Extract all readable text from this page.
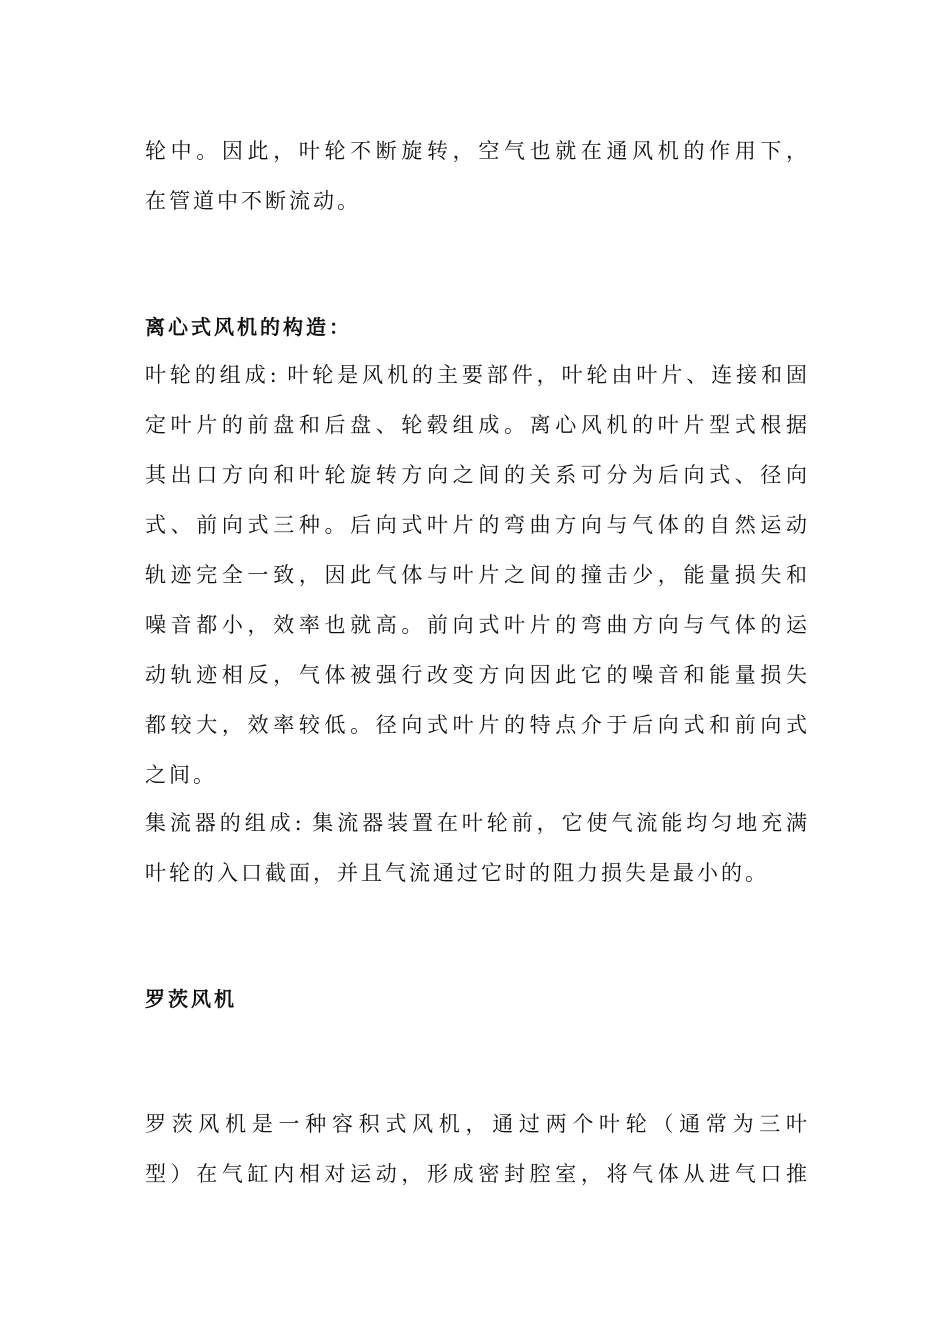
轮中。因此，叶轮不断旋转，空气也就在通风机的作用下，
在管道中不断流动。
离心式风机的构造：
叶轮的组成: 叶轮是风机的主要部件，叶轮由叶片、连接和固
定叶片的前盘和后盘、轮毂组成。离心风机的叶片型式根据
其出口方向和叶轮旋转方向之间的关系可分为后向式、径向
式、前向式三种。后向式叶片的弯曲方向与气体的自然运动
轨迹完全一致，因此气体与叶片之间的撞击少，能量损失和
噪音都小，效率也就高。前向式叶片的弯曲方向与气体的运
动轨迹相反，气体被强行改变方向因此它的噪音和能量损失
都较大，效率较低。径向式叶片的特点介于后向式和前向式
之间。
集流器的组成: 集流器装置在叶轮前，它使气流能均匀地充满
叶轮的入口截面，并且气流通过它时的阻力损失是最小的。
罗茨风机
罗茨风机是一种容积式风机，通过两个叶轮（通常为三叶
型）在气缸内相对运动，形成密封腔室，将气体从进气口推
